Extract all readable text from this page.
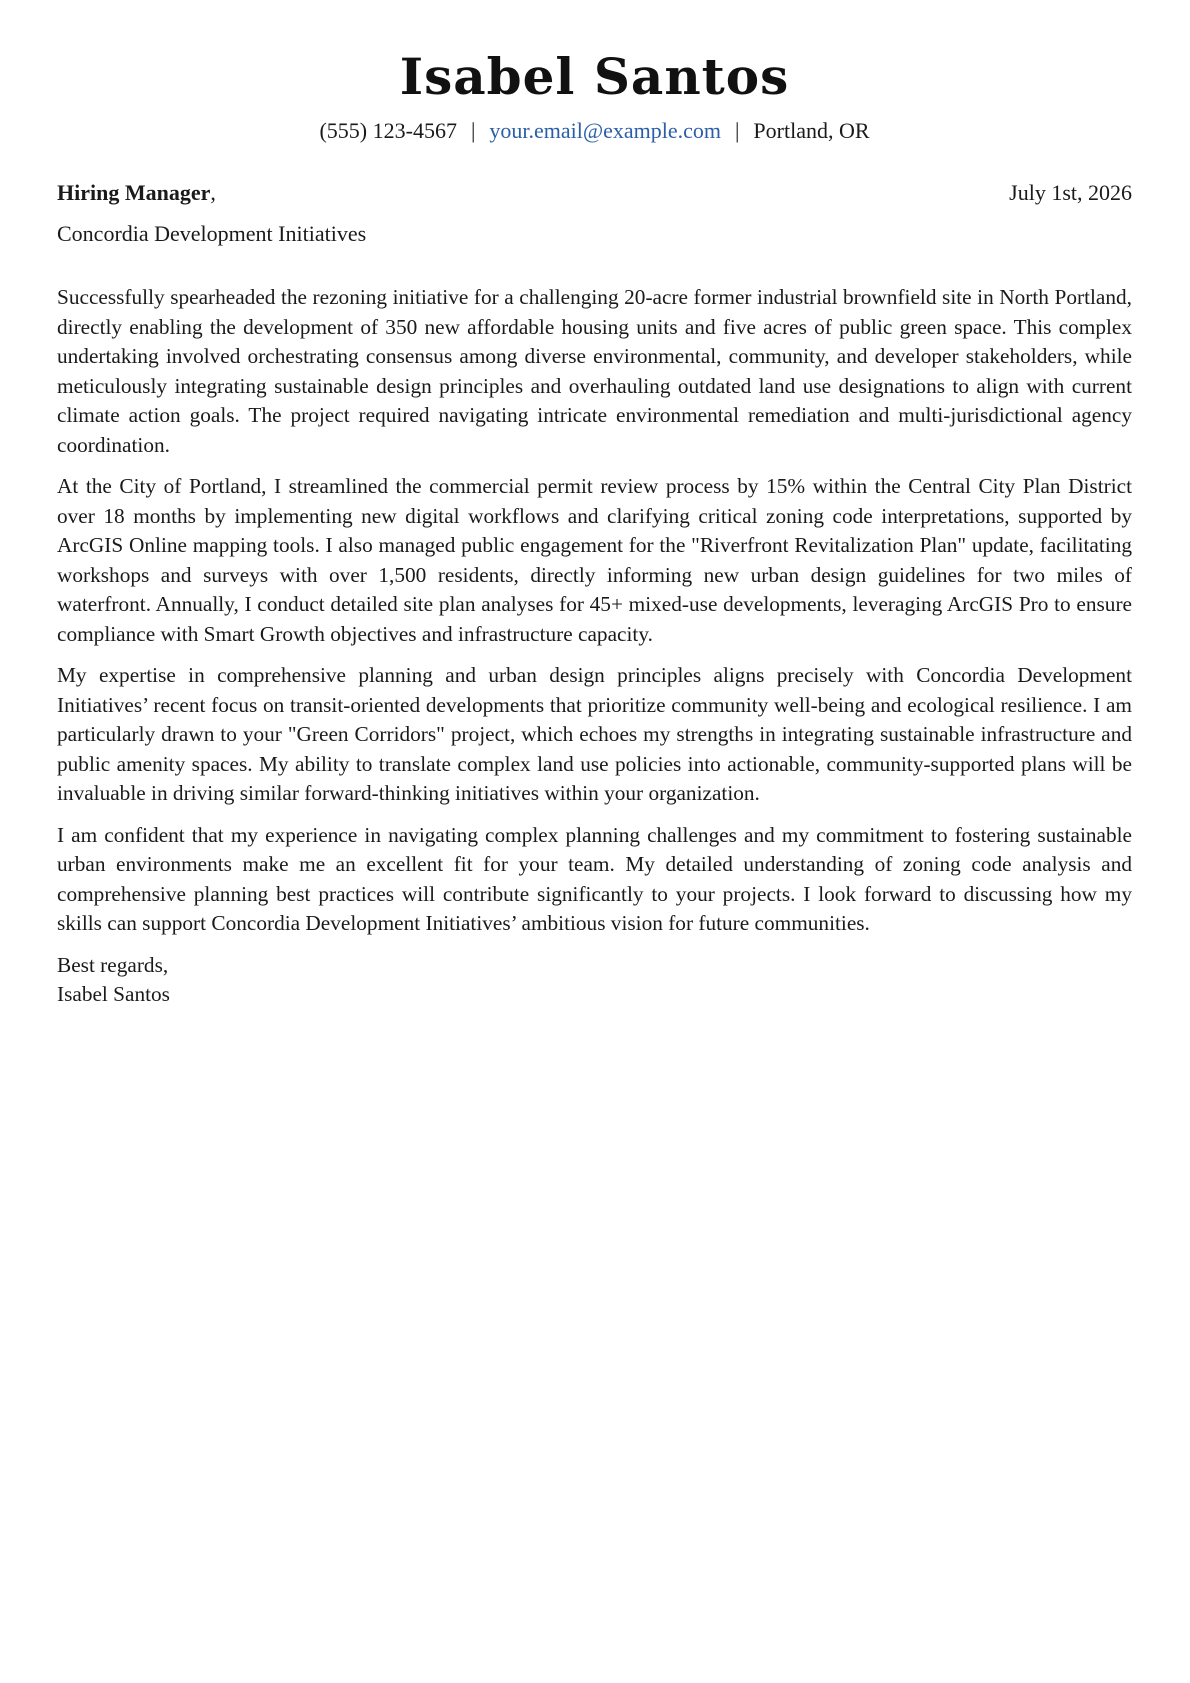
Isabel Santos
(555) 123-4567 | your.email@example.com | Portland, OR
Hiring Manager,	July 1st, 2026
Concordia Development Initiatives

Successfully spearheaded the rezoning initiative for a challenging 20-acre former industrial brownfield site in North Portland, directly enabling the development of 350 new affordable housing units and five acres of public green space. This complex undertaking involved orchestrating consensus among diverse environmental, community, and developer stakeholders, while meticulously integrating sustainable design principles and overhauling outdated land use designations to align with current climate action goals. The project required navigating intricate environmental remediation and multi-jurisdictional agency coordination.

At the City of Portland, I streamlined the commercial permit review process by 15% within the Central City Plan District over 18 months by implementing new digital workflows and clarifying critical zoning code interpretations, supported by ArcGIS Online mapping tools. I also managed public engagement for the "Riverfront Revitalization Plan" update, facilitating workshops and surveys with over 1,500 residents, directly informing new urban design guidelines for two miles of waterfront. Annually, I conduct detailed site plan analyses for 45+ mixed-use developments, leveraging ArcGIS Pro to ensure compliance with Smart Growth objectives and infrastructure capacity.

My expertise in comprehensive planning and urban design principles aligns precisely with Concordia Development Initiatives’ recent focus on transit-oriented developments that prioritize community well-being and ecological resilience. I am particularly drawn to your "Green Corridors" project, which echoes my strengths in integrating sustainable infrastructure and public amenity spaces. My ability to translate complex land use policies into actionable, community-supported plans will be invaluable in driving similar forward-thinking initiatives within your organization.

I am confident that my experience in navigating complex planning challenges and my commitment to fostering sustainable urban environments make me an excellent fit for your team. My detailed understanding of zoning code analysis and comprehensive planning best practices will contribute significantly to your projects. I look forward to discussing how my skills can support Concordia Development Initiatives’ ambitious vision for future communities.

Best regards,
Isabel Santos
